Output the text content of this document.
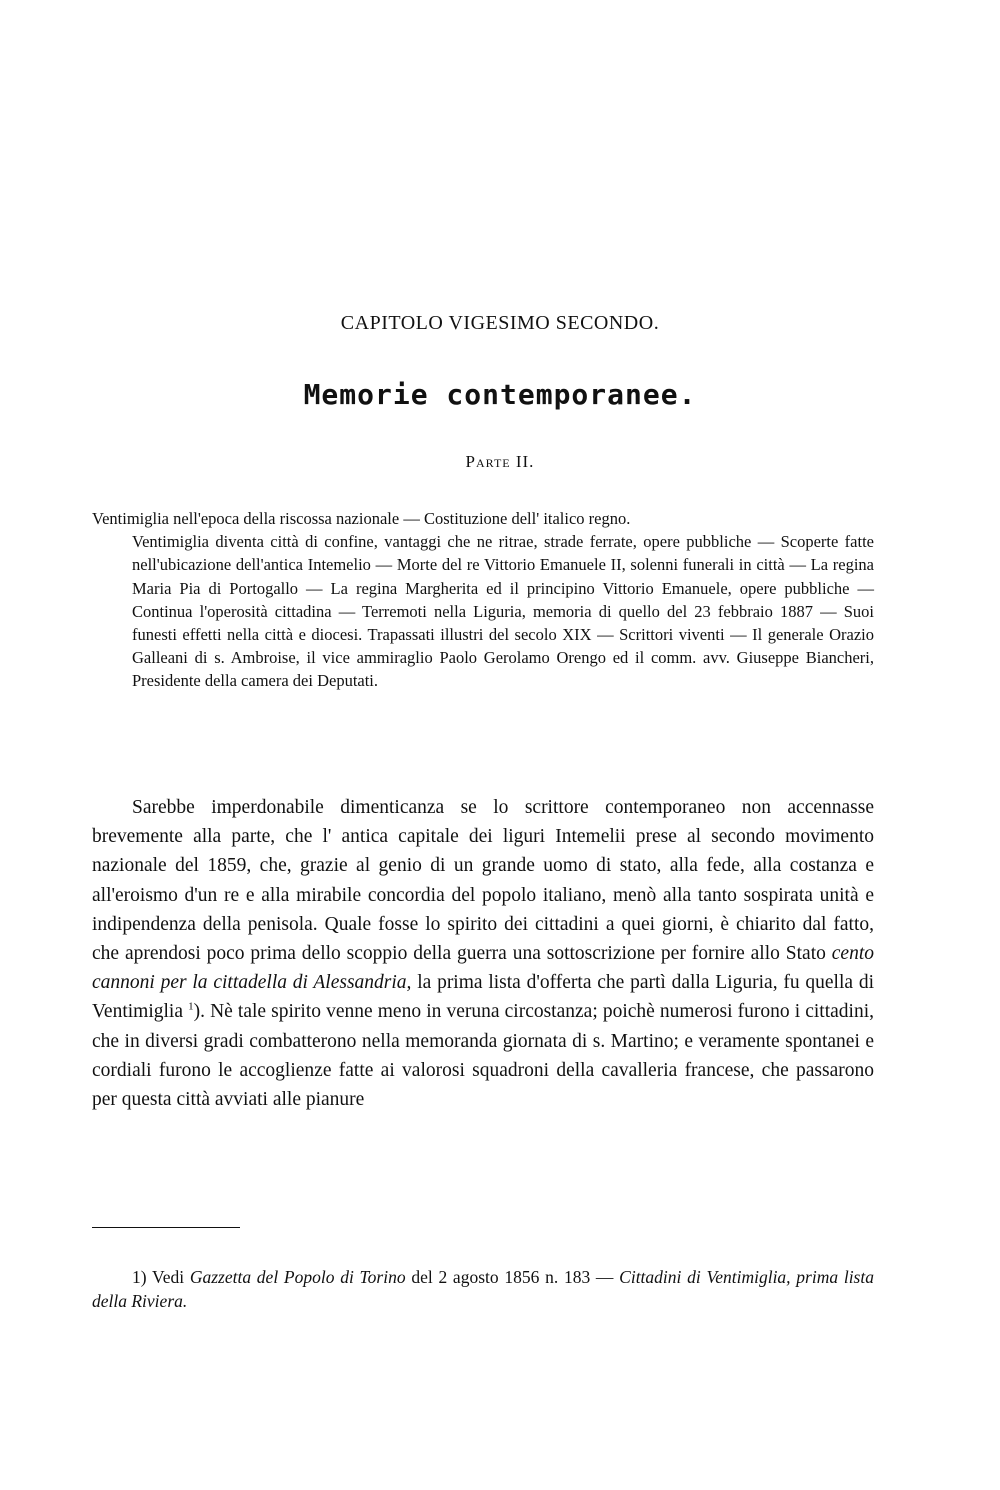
CAPITOLO VIGESIMO SECONDO.
Memorie contemporanee.
Parte II.
Ventimiglia nell'epoca della riscossa nazionale — Costituzione dell' italico regno.
Ventimiglia diventa città di confine, vantaggi che ne ritrae, strade ferrate, opere pubbliche — Scoperte fatte nell'ubicazione dell'antica Intemelio — Morte del re Vittorio Emanuele II, solenni funerali in città — La regina Maria Pia di Portogallo — La regina Margherita ed il principino Vittorio Emanuele, opere pubbliche — Continua l'operosità cittadina — Terremoti nella Liguria, memoria di quello del 23 febbraio 1887 — Suoi funesti effetti nella città e diocesi. Trapassati illustri del secolo XIX — Scrittori viventi — Il generale Orazio Galleani di s. Ambroise, il vice ammiraglio Paolo Gerolamo Orengo ed il comm. avv. Giuseppe Biancheri, Presidente della camera dei Deputati.
Sarebbe imperdonabile dimenticanza se lo scrittore contemporaneo non accennasse brevemente alla parte, che l' antica capitale dei liguri Intemelii prese al secondo movimento nazionale del 1859, che, grazie al genio di un grande uomo di stato, alla fede, alla costanza e all'eroismo d'un re e alla mirabile concordia del popolo italiano, menò alla tanto sospirata unità e indipendenza della penisola. Quale fosse lo spirito dei cittadini a quei giorni, è chiarito dal fatto, che aprendosi poco prima dello scoppio della guerra una sottoscrizione per fornire allo Stato cento cannoni per la cittadella di Alessandria, la prima lista d'offerta che partì dalla Liguria, fu quella di Ventimiglia $^1$). Nè tale spirito venne meno in veruna circostanza; poichè numerosi furono i cittadini, che in diversi gradi combatterono nella memoranda giornata di s. Martino; e veramente spontanei e cordiali furono le accoglienze fatte ai valorosi squadroni della cavalleria francese, che passarono per questa città avviati alle pianure
1) Vedi Gazzetta del Popolo di Torino del 2 agosto 1856 n. 183 — Cittadini di Ventimiglia, prima lista della Riviera.
